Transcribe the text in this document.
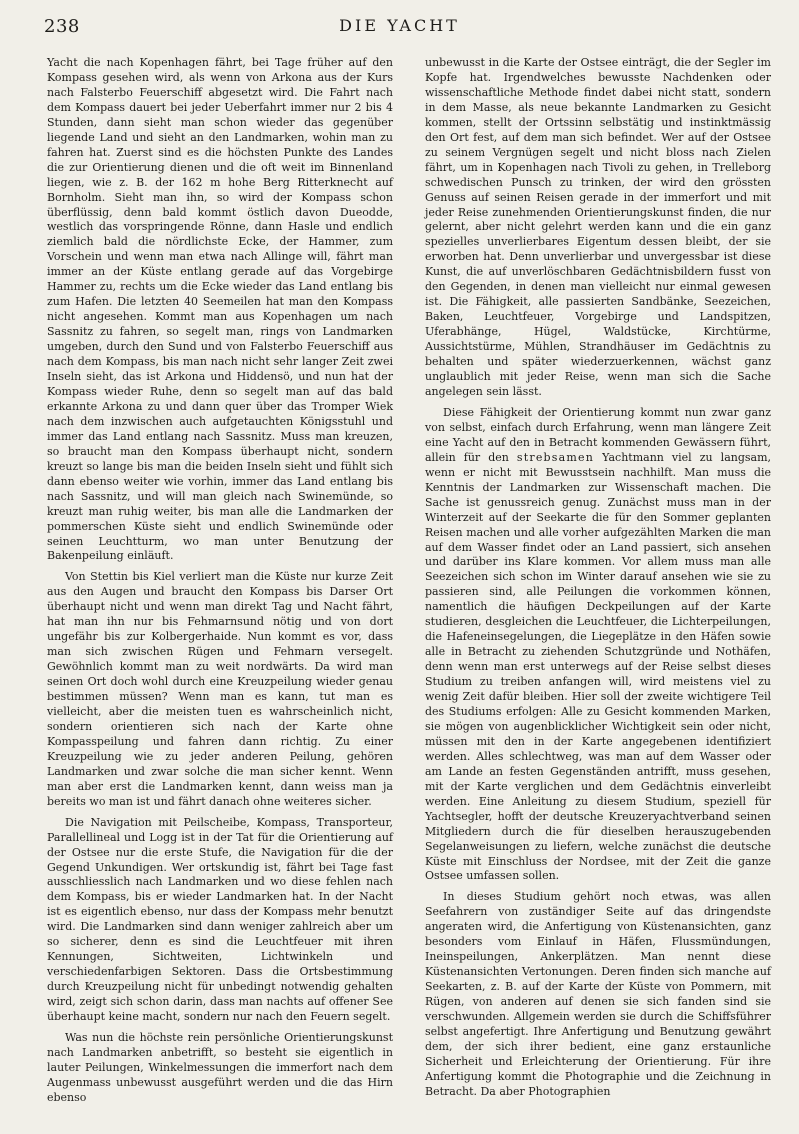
238	DIE YACHT

Yacht die nach Kopenhagen fährt, bei Tage früher auf den Kompass gesehen wird, als wenn von Arkona aus der Kurs nach Falsterbo Feuerschiff abgesetzt wird. Die Fahrt nach dem Kompass dauert bei jeder Ueberfahrt immer nur 2 bis 4 Stunden, dann sieht man schon wieder das gegenüber liegende Land und sieht an den Landmarken, wohin man zu fahren hat. Zuerst sind es die höchsten Punkte des Landes die zur Orientierung dienen und die oft weit im Binnenland liegen, wie z. B. der 162 m hohe Berg Ritterknecht auf Bornholm. Sieht man ihn, so wird der Kompass schon überflüssig, denn bald kommt östlich davon Dueodde, westlich das vorspringende Rönne, dann Hasle und endlich ziemlich bald die nördlichste Ecke, der Hammer, zum Vorschein und wenn man etwa nach Allinge will, fährt man immer an der Küste entlang gerade auf das Vorgebirge Hammer zu, rechts um die Ecke wieder das Land entlang bis zum Hafen. Die letzten 40 Seemeilen hat man den Kompass nicht angesehen. Kommt man aus Kopenhagen um nach Sassnitz zu fahren, so segelt man, rings von Landmarken umgeben, durch den Sund und von Falsterbo Feuerschiff aus nach dem Kompass, bis man nach nicht sehr langer Zeit zwei Inseln sieht, das ist Arkona und Hiddensö, und nun hat der Kompass wieder Ruhe, denn so segelt man auf das bald erkannte Arkona zu und dann quer über das Tromper Wiek nach dem inzwischen auch aufgetauchten Königsstuhl und immer das Land entlang nach Sassnitz. Muss man kreuzen, so braucht man den Kompass überhaupt nicht, sondern kreuzt so lange bis man die beiden Inseln sieht und fühlt sich dann ebenso weiter wie vorhin, immer das Land entlang bis nach Sassnitz, und will man gleich nach Swinemünde, so kreuzt man ruhig weiter, bis man alle die Landmarken der pommerschen Küste sieht und endlich Swinemünde oder seinen Leuchtturm, wo man unter Benutzung der Bakenpeilung einläuft.

Von Stettin bis Kiel verliert man die Küste nur kurze Zeit aus den Augen und braucht den Kompass bis Darser Ort überhaupt nicht und wenn man direkt Tag und Nacht fährt, hat man ihn nur bis Fehmarnsund nötig und von dort ungefähr bis zur Kolbergerhaide. Nun kommt es vor, dass man sich zwischen Rügen und Fehmarn versegelt. Gewöhnlich kommt man zu weit nordwärts. Da wird man seinen Ort doch wohl durch eine Kreuzpeilung wieder genau bestimmen müssen? Wenn man es kann, tut man es vielleicht, aber die meisten tuen es wahrscheinlich nicht, sondern orientieren sich nach der Karte ohne Kompasspeilung und fahren dann richtig. Zu einer Kreuzpeilung wie zu jeder anderen Peilung, gehören Landmarken und zwar solche die man sicher kennt. Wenn man aber erst die Landmarken kennt, dann weiss man ja bereits wo man ist und fährt danach ohne weiteres sicher.

Die Navigation mit Peilscheibe, Kompass, Transporteur, Parallellineal und Logg ist in der Tat für die Orientierung auf der Ostsee nur die erste Stufe, die Navigation für die der Gegend Unkundigen. Wer ortskundig ist, fährt bei Tage fast ausschliesslich nach Landmarken und wo diese fehlen nach dem Kompass, bis er wieder Landmarken hat. In der Nacht ist es eigentlich ebenso, nur dass der Kompass mehr benutzt wird. Die Landmarken sind dann weniger zahlreich aber um so sicherer, denn es sind die Leuchtfeuer mit ihren Kennungen, Sichtweiten, Lichtwinkeln und verschiedenfarbigen Sektoren. Dass die Ortsbestimmung durch Kreuzpeilung nicht für unbedingt notwendig gehalten wird, zeigt sich schon darin, dass man nachts auf offener See überhaupt keine macht, sondern nur nach den Feuern segelt.

Was nun die höchste rein persönliche Orientierungskunst nach Landmarken anbetrifft, so besteht sie eigentlich in lauter Peilungen, Winkelmessungen die immerfort nach dem Augenmass unbewusst ausgeführt werden und die das Hirn ebenso

unbewusst in die Karte der Ostsee einträgt, die der Segler im Kopfe hat. Irgendwelches bewusste Nachdenken oder wissenschaftliche Methode findet dabei nicht statt, sondern in dem Masse, als neue bekannte Landmarken zu Gesicht kommen, stellt der Ortssinn selbstätig und instinktmässig den Ort fest, auf dem man sich befindet. Wer auf der Ostsee zu seinem Vergnügen segelt und nicht bloss nach Zielen fährt, um in Kopenhagen nach Tivoli zu gehen, in Trelleborg schwedischen Punsch zu trinken, der wird den grössten Genuss auf seinen Reisen gerade in der immerfort und mit jeder Reise zunehmenden Orientierungskunst finden, die nur gelernt, aber nicht gelehrt werden kann und die ein ganz spezielles unverlierbares Eigentum dessen bleibt, der sie erworben hat. Denn unverlierbar und unvergessbar ist diese Kunst, die auf unverlöschbaren Gedächtnisbildern fusst von den Gegenden, in denen man vielleicht nur einmal gewesen ist. Die Fähigkeit, alle passierten Sandbänke, Seezeichen, Baken, Leuchtfeuer, Vorgebirge und Landspitzen, Uferabhänge, Hügel, Waldstücke, Kirchtürme, Aussichtstürme, Mühlen, Strandhäuser im Gedächtnis zu behalten und später wiederzuerkennen, wächst ganz unglaublich mit jeder Reise, wenn man sich die Sache angelegen sein lässt.

Diese Fähigkeit der Orientierung kommt nun zwar ganz von selbst, einfach durch Erfahrung, wenn man längere Zeit eine Yacht auf den in Betracht kommenden Gewässern führt, allein für den strebsamen Yachtmann viel zu langsam, wenn er nicht mit Bewusstsein nachhilft. Man muss die Kenntnis der Landmarken zur Wissenschaft machen. Die Sache ist genussreich genug. Zunächst muss man in der Winterzeit auf der Seekarte die für den Sommer geplanten Reisen machen und alle vorher aufgezählten Marken die man auf dem Wasser findet oder an Land passiert, sich ansehen und darüber ins Klare kommen. Vor allem muss man alle Seezeichen sich schon im Winter darauf ansehen wie sie zu passieren sind, alle Peilungen die vorkommen können, namentlich die häufigen Deckpeilungen auf der Karte studieren, desgleichen die Leuchtfeuer, die Lichterpeilungen, die Hafeneinsegelungen, die Liegeplätze in den Häfen sowie alle in Betracht zu ziehenden Schutzgründe und Nothäfen, denn wenn man erst unterwegs auf der Reise selbst dieses Studium zu treiben anfangen will, wird meistens viel zu wenig Zeit dafür bleiben. Hier soll der zweite wichtigere Teil des Studiums erfolgen: Alle zu Gesicht kommenden Marken, sie mögen von augenblicklicher Wichtigkeit sein oder nicht, müssen mit den in der Karte angegebenen identifiziert werden. Alles schlechtweg, was man auf dem Wasser oder am Lande an festen Gegenständen antrifft, muss gesehen, mit der Karte verglichen und dem Gedächtnis einverleibt werden. Eine Anleitung zu diesem Studium, speziell für Yachtsegler, hofft der deutsche Kreuzeryachtverband seinen Mitgliedern durch die für dieselben herauszugebenden Segelanweisungen zu liefern, welche zunächst die deutsche Küste mit Einschluss der Nordsee, mit der Zeit die ganze Ostsee umfassen sollen.

In dieses Studium gehört noch etwas, was allen Seefahrern von zuständiger Seite auf das dringendste angeraten wird, die Anfertigung von Küstenansichten, ganz besonders vom Einlauf in Häfen, Flussmündungen, Ineinspeilungen, Ankerplätzen. Man nennt diese Küstenansichten Vertonungen. Deren finden sich manche auf Seekarten, z. B. auf der Karte der Küste von Pommern, mit Rügen, von anderen auf denen sie sich fanden sind sie verschwunden. Allgemein werden sie durch die Schiffsführer selbst angefertigt. Ihre Anfertigung und Benutzung gewährt dem, der sich ihrer bedient, eine ganz erstaunliche Sicherheit und Erleichterung der Orientierung. Für ihre Anfertigung kommt die Photographie und die Zeichnung in Betracht. Da aber Photographien
